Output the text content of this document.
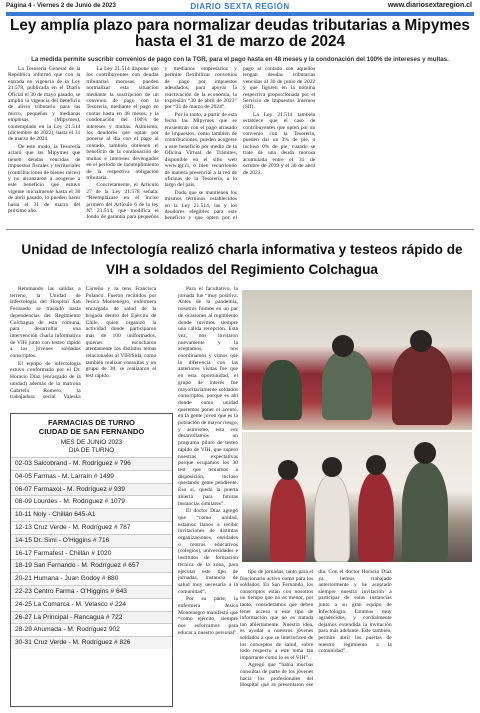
Página 4 - Viernes 2 de Junio de 2023	DIARIO SEXTA REGIÓN	www.diariosextaregion.cl
Ley amplía plazo para normalizar deudas tributarias a Mipymes hasta el 31 de marzo de 2024
La medida permite suscribir convenios de pago con la TGR, para el pago hasta en 48 meses y la condonación del 100% de intereses y multas.

La Tesorería General de la República informó que con la entrada en vigencia de la Ley 21.578, publicada en el Diario Oficial el 30 de mayo pasado, se amplió la vigencia del beneficio de alivio tributario para las micro, pequeñas y medianas empresas (Mipymes), contemplado en la Ley 21.514 (diciembre de 2022), hasta el 31 de marzo de 2024.

De este modo, la Tesorería aclaró que las Mipymes que tienen deudas vencidas de impuestos fiscales y territoriales (contribuciones de bienes raíces) y no alcanzaron a acogerse a este beneficio que estuvo vigente inicialmente hasta el 30 de abril pasado, lo pueden hacer hasta el 31 de marzo del próximo año.

La Ley 21.514 dispone que los contribuyentes con deudas tributarias morosas, pueden normalizar esta situación mediante la suscripción de un convenio de pago con la Tesorería, mediante el pago en cuotas hasta en 48 meses, y la condonación del 100% de intereses y multas. Asimismo, los deudores que optan por ponerse al día con el pago al contado, también obtienen el beneficio de la condonación de multas e intereses devengados en el período de incumplimiento de la respectiva obligación tributaria.

Concretamente, el Artículo 27 de la Ley 21.578 señala: “Reemplázase en el inciso primero del Artículo 6 de la ley N° 21.514, que modifica el fondo de garantía para pequeños y medianos empresarios y permite flexibilizar convenios de pago por impuestos adeudados, para apoyar la reactivación de la economía, la expresión “30 de abril de 2023” por “31 de marzo de 2024”.

Por lo tanto, a partir de esta fecha las Mipymes que se encuentran con el pago atrasado de impuestos, como también de contribuciones, pueden acogerse a este beneficio por medio de la Oficina Virtual de Trámites, disponible en el sitio web www.tgr.cl, o bien recurriendo de manera presencial a la red de oficinas de la Tesorería, a lo largo del país.

Dado que se mantienen los mismos términos establecidos en la Ley 21.514, las y los deudores elegibles para este beneficio y que opten por el pago al contado son aquellos tengan deudas tributarias vencidas al 30 de junio de 2022 y que figuren en la nómina respectiva proporcionada por el Servicio de Impuestos Internos (SII).

La Ley 21.514 también establece que el caso de contribuyentes que opten por un convenio con la Tesorería, pueden dar un 3% de pie, o incluso 0% de pie, cuando se trate de una deuda morosa acumulada entre el 31 de octubre de 2019 y el 30 de abril de 2022.

Unidad de Infectología realizó charla informativa y testeos rápido de VIH a soldados del Regimiento Colchagua

Retomando las salidas a terreno, la Unidad de Infectología del Hospital San Fernando se trasladó hasta dependencias del Regimiento Colchagua de esta comuna, para desarrollar una intervención charla informativa de VIH junto con testeo rápido a los jóvenes soldados conscriptos.

El equipo de infectología estuvo conformado por el Dr. Horacio Díaz (encargado de la unidad) además de la matrona Gabriela Romero, la trabajadora social Valeska Carreño y la tens Francisca Polanco. Fueron recibidos por Jesica Montenegro, enfermera encargada de salud de la brigada dentro del Ejército de Chile, quien organizó la actividad donde participaron más de 100 uniformados, quienes escucharon atentamente los distintos temas relacionados al VIH/Sida, como también realizar consultas y un grupo de 30, se realizaron el test rápido.

Para el facultativo, la jornada fue “muy positiva. Antes de la pandemia, nosotros fuimos en un par de ocasiones al regimiento donde tuvimos siempre una cálida recepción. Esta vez, nos invitaron nuevamente y la aceptamos, nos coordinamos y vimos que la diferencia con las anteriores visitas fue que en esta oportunidad, el grupo de interés fue mayoritariamente soldados conscriptos, porque es ahí donde como unidad queremos poner el acento, en la gente joven que es la población de mayor riesgo, y asimismo, esta vez desarrollamos un programa piloto de testeo rápido de VIH, que superó nuestras expectativas porque ocupamos los 30 test que teníamos a disposición, incluso quedando gente pendiente. Eso sí, quedó la puerta abierta para futuras instancias similares”.

El doctor Díaz agregó que “como unidad, estamos llanos a recibir invitaciones de distintas organizaciones, entidades o centros educativos (colegios), universidades e institutos de formación técnica de la zona, para ejecutar este tipo de jornadas, instancia de salud muy necesaria a la comunidad”.

Por su parte, la enfermera Jesica Montenegro manifestó que “como ejército, siempre nos esforzamos para educar a nuestro personal”.

tipo de jornadas, tanto para el funcionario activo como para los soldados. En San Fernando, los conscriptos están con nosotros un tiempo que no es menor, por tanto, consideramos que deben tener acceso a este tipo de información que no es tratada tan abiertamente. Nuestra idea, es ayudar a nuestros jóvenes soldados a que se interioricen de los conceptos de salud, sobre todo respecto a este tema tan importante como lo es el VIH”.

Agregó que “había muchas consultas de parte de los jóvenes hacia los profesionales del Hospital que se presentaron ese día. Con el doctor Horacio Díaz ya hemos trabajado anteriormente y he aceptado siempre nuestra invitación a participar de estas instancias junto a su gran equipo de Infectología. Estamos muy agradecidos, y cordialmente dejamos extendida la invitación para más adelante. Este también, permite abrir las puertas de nuestro regimiento a la comunidad”.

FARMACIAS DE TURNO
CIUDAD DE SAN FERNANDO
MES DE JUNIO 2023
DIA DE TURNO
02-03 Salcobrand - M. Rodríguez # 796
04-05 Farmas - M. Larraín # 1499
06-07 Farmaxol - M. Rodríguez # 939
08-09 Lourdes - M. Rodríguez # 1079
10-11 Noly - Chillán 645-A1
12-13 Cruz Verde - M. Rodríguez # 787
14-15 Dr. Simi - O'Higgins # 716
16-17 Farmafest - Chillán # 1020
18-19 San Fernando - M. Rodríguez # 657
20-21 Humana - Juan Godoy # 880
22-23 Centro Farma - O'Higgins # 643
24-25 La Comarca - M. Velasco # 224
26-27 La Principal - Rancagua # 722
28-29 Ahumada - M. Rodríguez 902
30-31 Cruz Verde - M. Rodríguez # 826
